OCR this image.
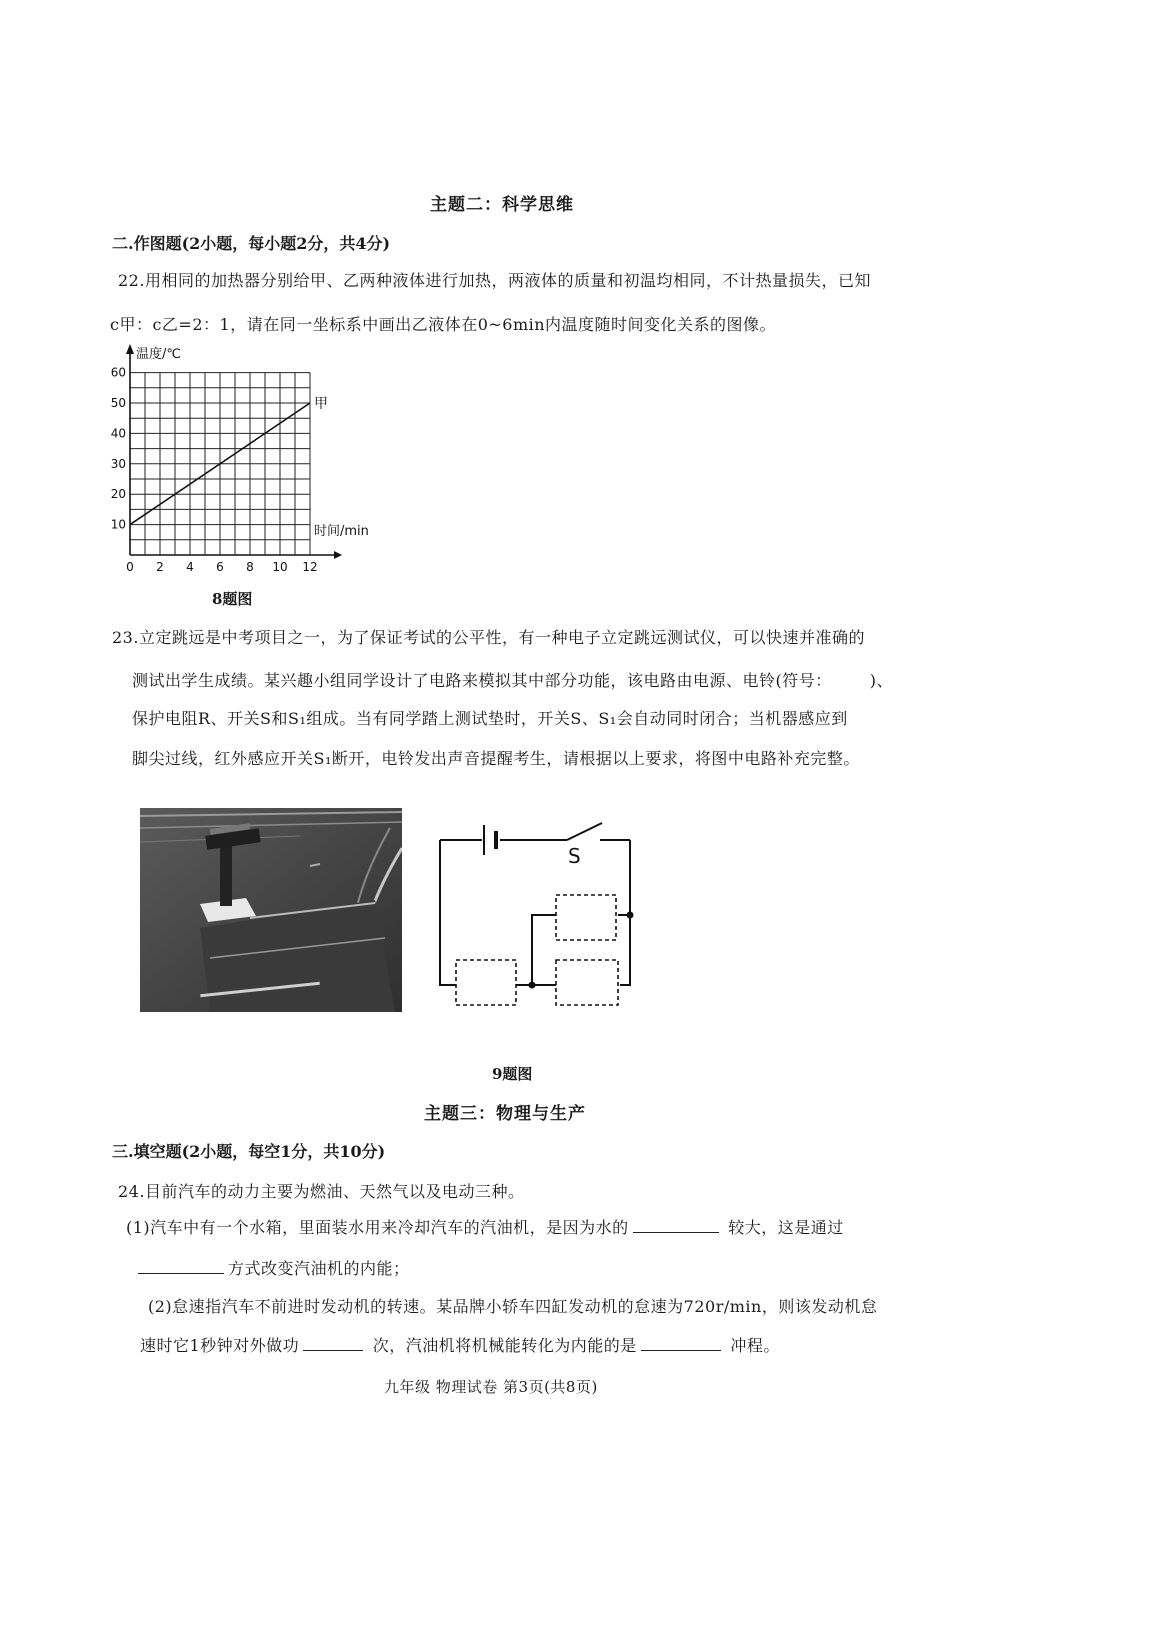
主题二：科学思维
二.作图题(2小题，每小题2分，共4分)
22.用相同的加热器分别给甲、乙两种液体进行加热，两液体的质量和初温均相同，不计热量损失，已知
c甲：c乙=2：1，请在同一坐标系中画出乙液体在0~6min内温度随时间变化关系的图像。
0 2 4 6 8 10 12
10
20
30
40
50
60
温度/℃
时间/min
甲
8题图
23.立定跳远是中考项目之一，为了保证考试的公平性，有一种电子立定跳远测试仪，可以快速并准确的
测试出学生成绩。某兴趣小组同学设计了电路来模拟其中部分功能，该电路由电源、电铃(符号： )、
保护电阻R、开关S和S₁组成。当有同学踏上测试垫时，开关S、S₁会自动同时闭合；当机器感应到
脚尖过线，红外感应开关S₁断开，电铃发出声音提醒考生，请根据以上要求，将图中电路补充完整。
S
9题图
主题三：物理与生产
三.填空题(2小题，每空1分，共10分)
24.目前汽车的动力主要为燃油、天然气以及电动三种。
(1)汽车中有一个水箱，里面装水用来冷却汽车的汽油机，是因为水的	较大，这是通过
方式改变汽油机的内能；
(2)怠速指汽车不前进时发动机的转速。某品牌小轿车四缸发动机的怠速为720r/min，则该发动机怠
速时它1秒钟对外做功	次，汽油机将机械能转化为内能的是	冲程。
九年级 物理试卷 第3页(共8页)
